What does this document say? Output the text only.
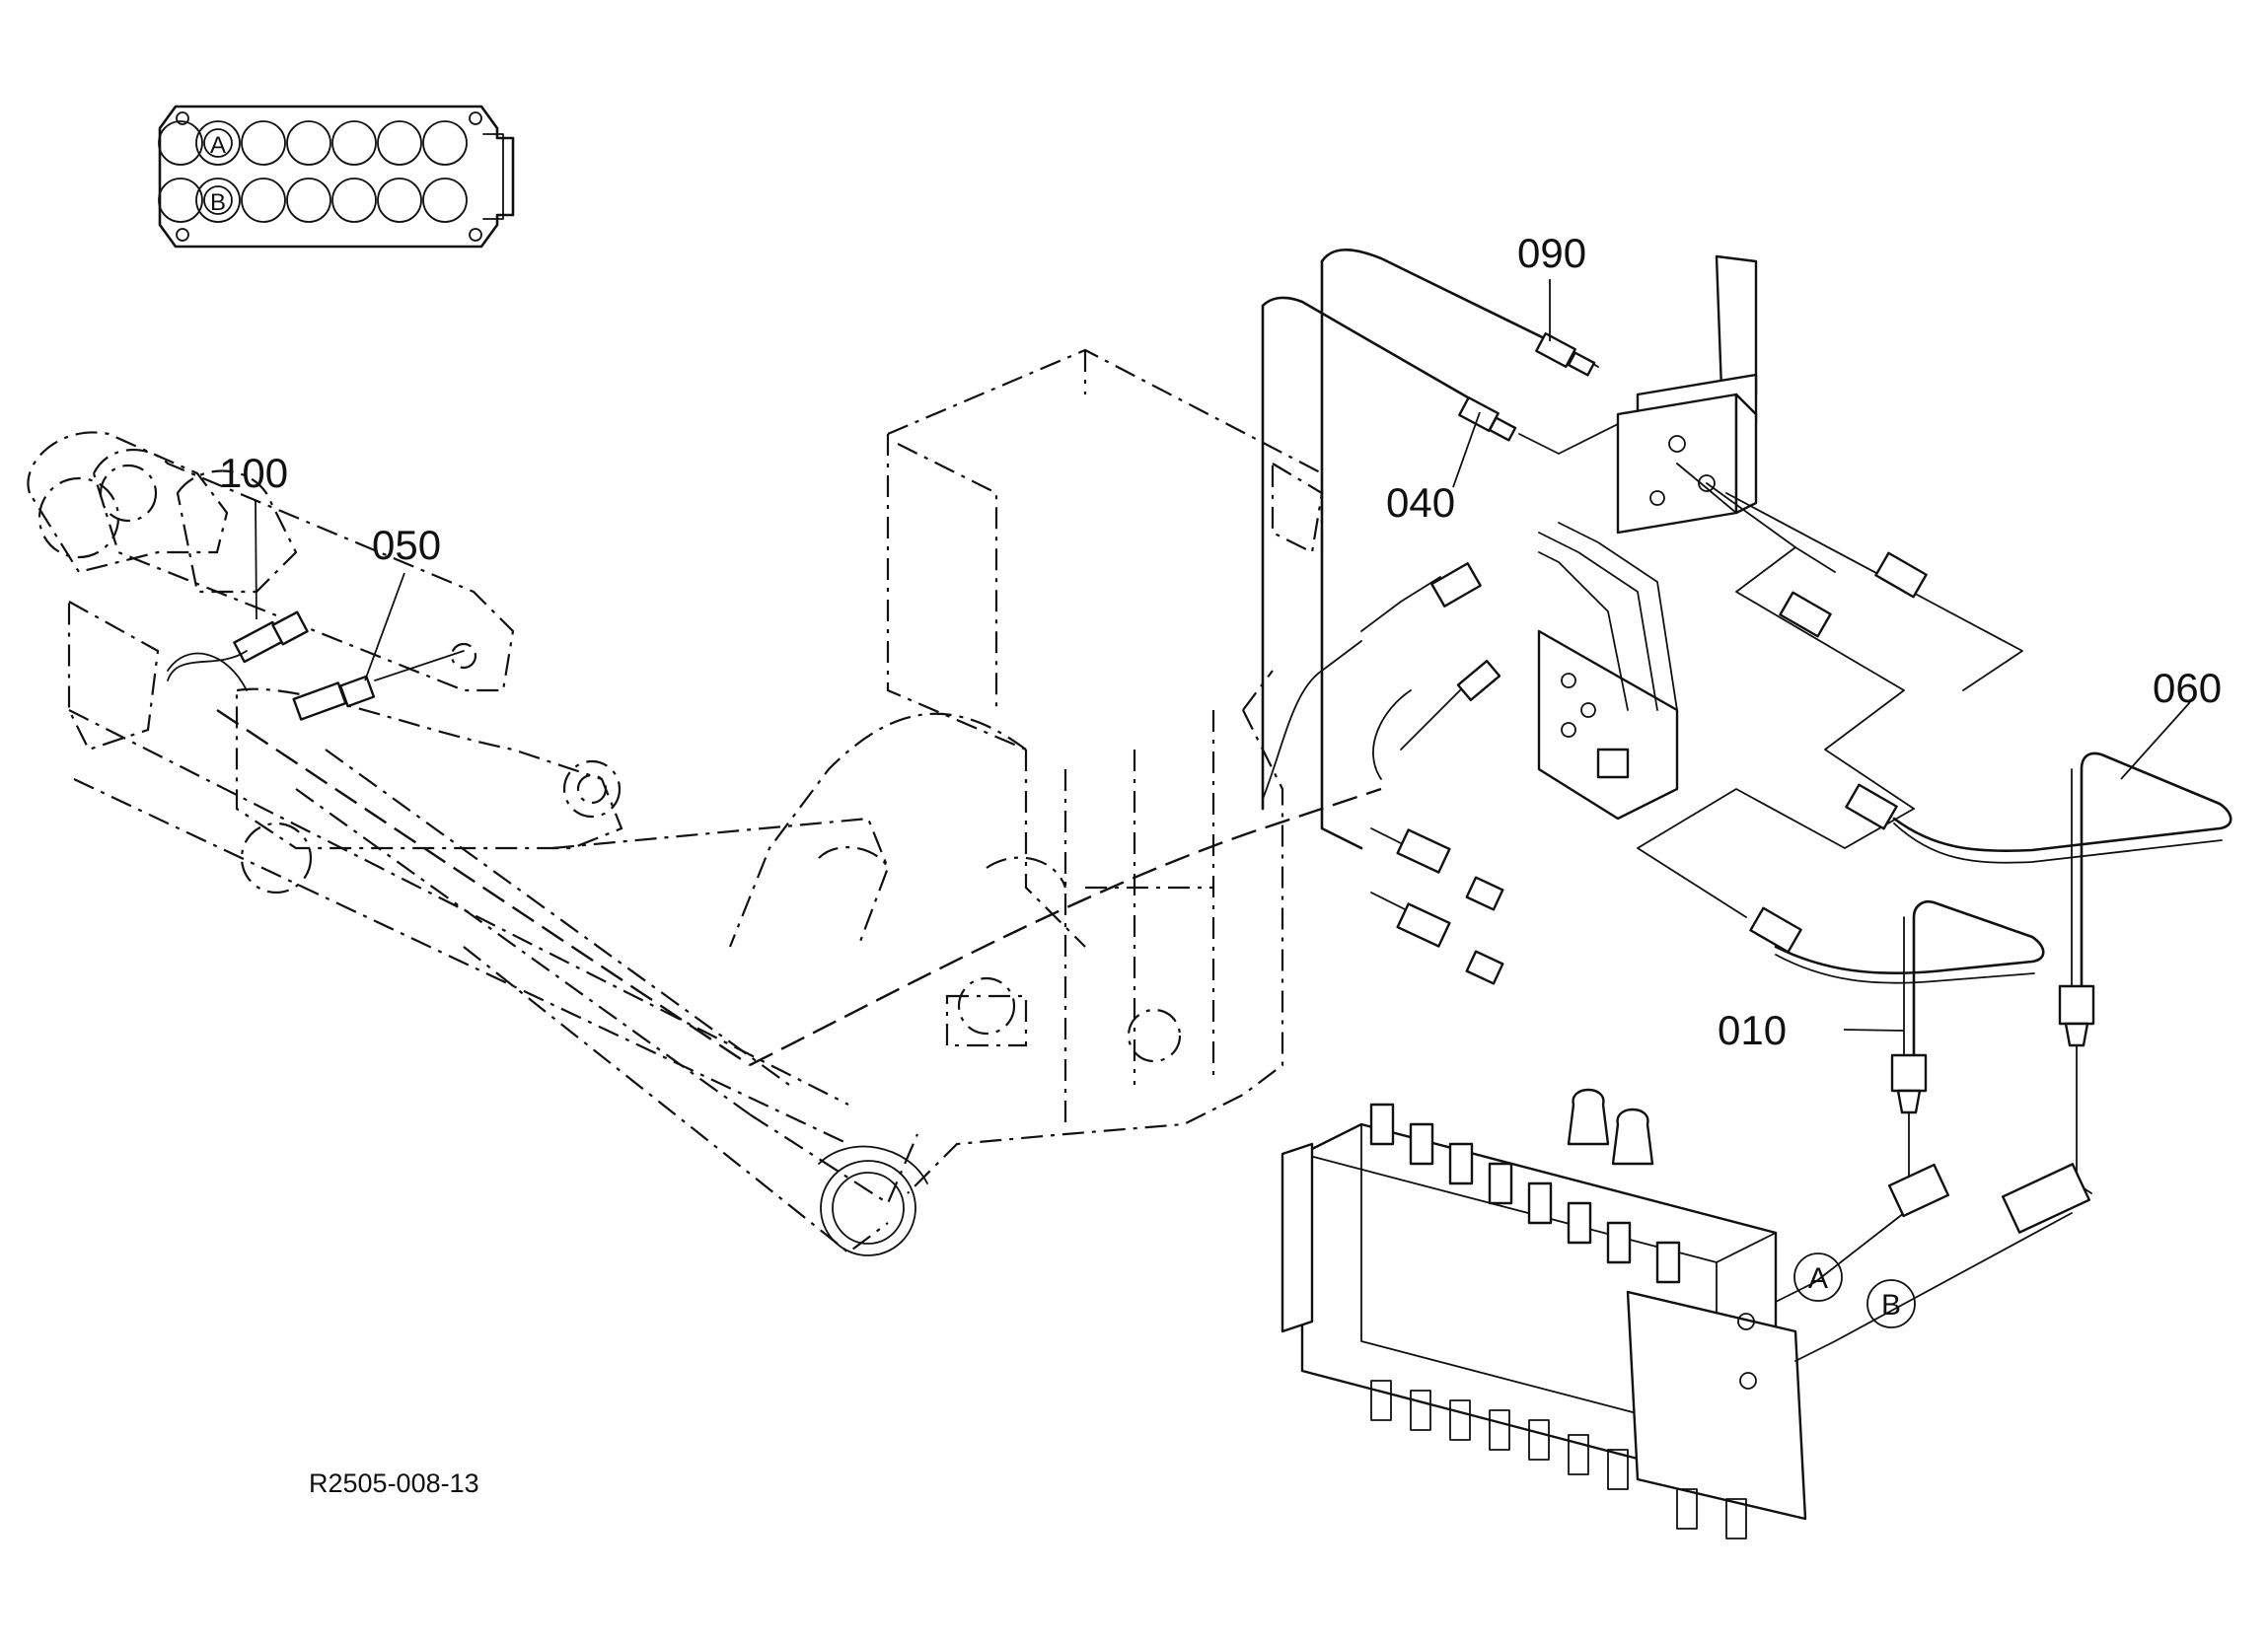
A
B
A
B
090
040
100
050
060
010
R2505-008-13
